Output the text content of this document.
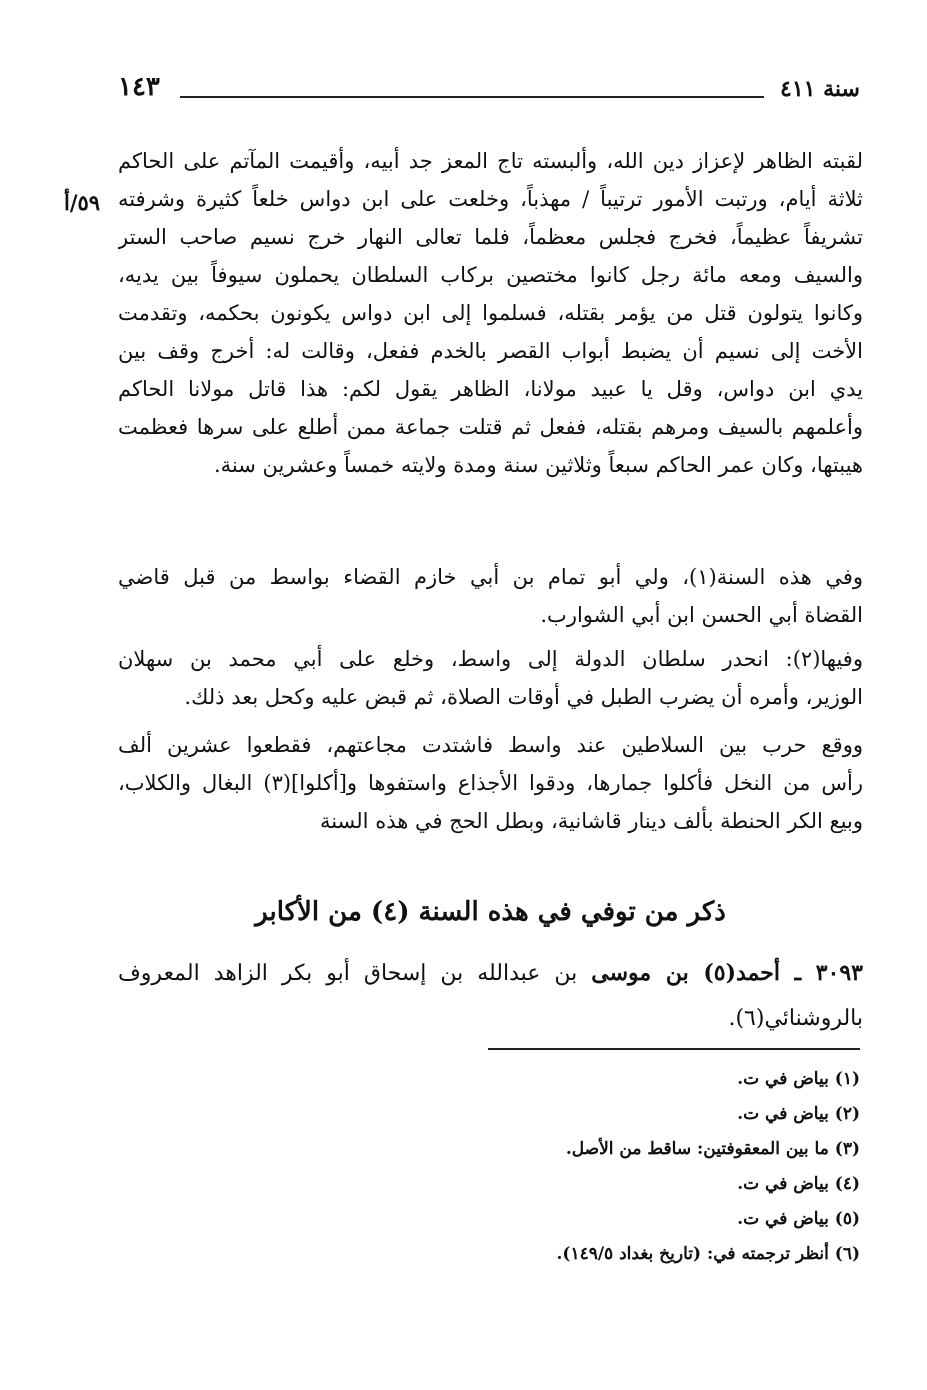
سنة ٤١١
١٤٣
٥٩/أ
لقبته الظاهر لإعزاز دين الله، وألبسته تاج المعز جد أبيه، وأقيمت المآتم على الحاكم
ثلاثة أيام، ورتبت الأمور ترتيباً / مهذباً، وخلعت على ابن دواس خلعاً كثيرة وشرفته
تشريفاً عظيماً، فخرج فجلس معظماً، فلما تعالى النهار خرج نسيم صاحب الستر
والسيف ومعه مائة رجل كانوا مختصين بركاب السلطان يحملون سيوفاً بين يديه،
وكانوا يتولون قتل من يؤمر بقتله، فسلموا إلى ابن دواس يكونون بحكمه، وتقدمت
الأخت إلى نسيم أن يضبط أبواب القصر بالخدم ففعل، وقالت له: أخرج وقف بين
يدي ابن دواس، وقل يا عبيد مولانا، الظاهر يقول لكم: هذا قاتل مولانا الحاكم
وأعلمهم بالسيف ومرهم بقتله، ففعل ثم قتلت جماعة ممن أطلع على سرها فعظمت
هيبتها، وكان عمر الحاكم سبعاً وثلاثين سنة ومدة ولايته خمساً وعشرين سنة.
وفي هذه السنة(١)، ولي أبو تمام بن أبي خازم القضاء بواسط من قبل قاضي
القضاة أبي الحسن ابن أبي الشوارب.
وفيها(٢): انحدر سلطان الدولة إلى واسط، وخلع على أبي محمد بن سهلان
الوزير، وأمره أن يضرب الطبل في أوقات الصلاة، ثم قبض عليه وكحل بعد ذلك.
ووقع حرب بين السلاطين عند واسط فاشتدت مجاعتهم، فقطعوا عشرين ألف
رأس من النخل فأكلوا جمارها، ودقوا الأجذاع واستفوها و[أكلوا](٣) البغال والكلاب،
وبيع الكر الحنطة بألف دينار قاشانية، وبطل الحج في هذه السنة
ذكر من توفي في هذه السنة (٤) من الأكابر
٣٠٩٣ ـ أحمد(٥) بن موسى بن عبدالله بن إسحاق أبو بكر الزاهد المعروف
بالروشنائي(٦).
(١) بياض في ت.
(٢) بياض في ت.
(٣) ما بين المعقوفتين: ساقط من الأصل.
(٤) بياض في ت.
(٥) بياض في ت.
(٦) أنظر ترجمته في: (تاريخ بغداد ١٤٩/٥).
